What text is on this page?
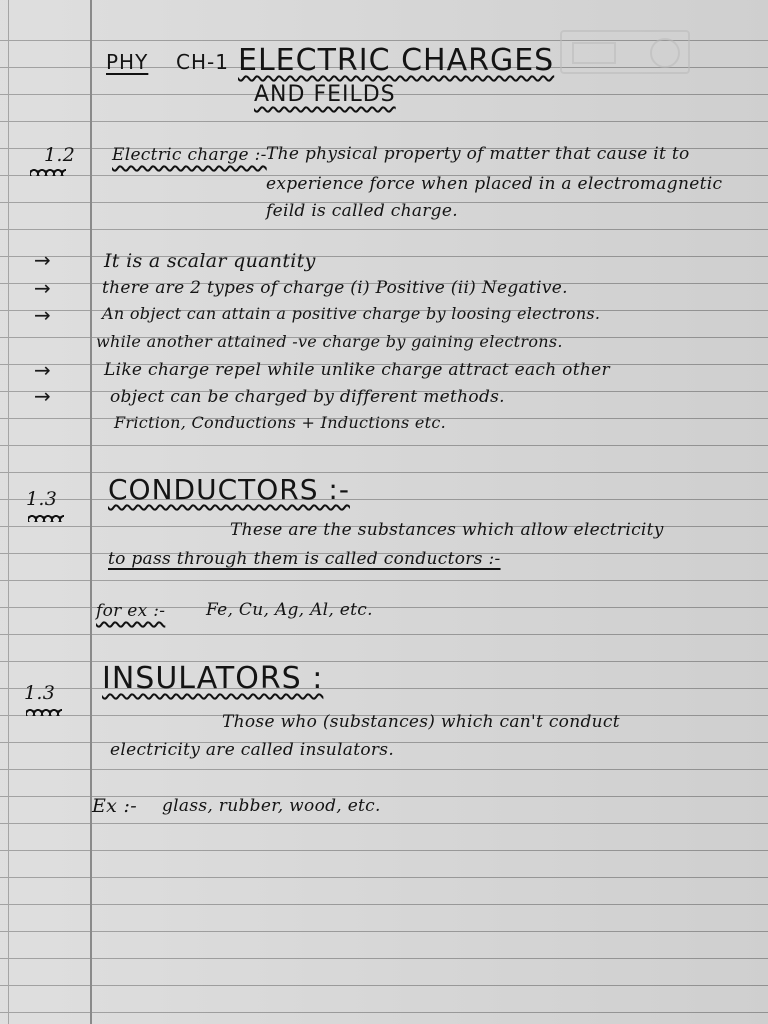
PHY CH-1 ELECTRIC CHARGES
AND FEILDS
1.2 Electric charge :- The physical property of matter that cause it to
experience force when placed in a electromagnetic
feild is called charge.
→	It is a scalar quantity
→	there are 2 types of charge (i) Positive (ii) Negative.
→	An object can attain a positive charge by loosing electrons.
while another attained -ve charge by gaining electrons.
→	Like charge repel while unlike charge attract each other
→	object can be charged by different methods.
Friction, Conductions + Inductions etc.
1.3 CONDUCTORS :-
These are the substances which allow electricity
to pass through them is called conductors :-
for ex :- Fe, Cu, Ag, Al, etc.
1.3 INSULATORS :
Those who (substances) which can't conduct
electricity are called insulators.
Ex :- glass, rubber, wood, etc.
